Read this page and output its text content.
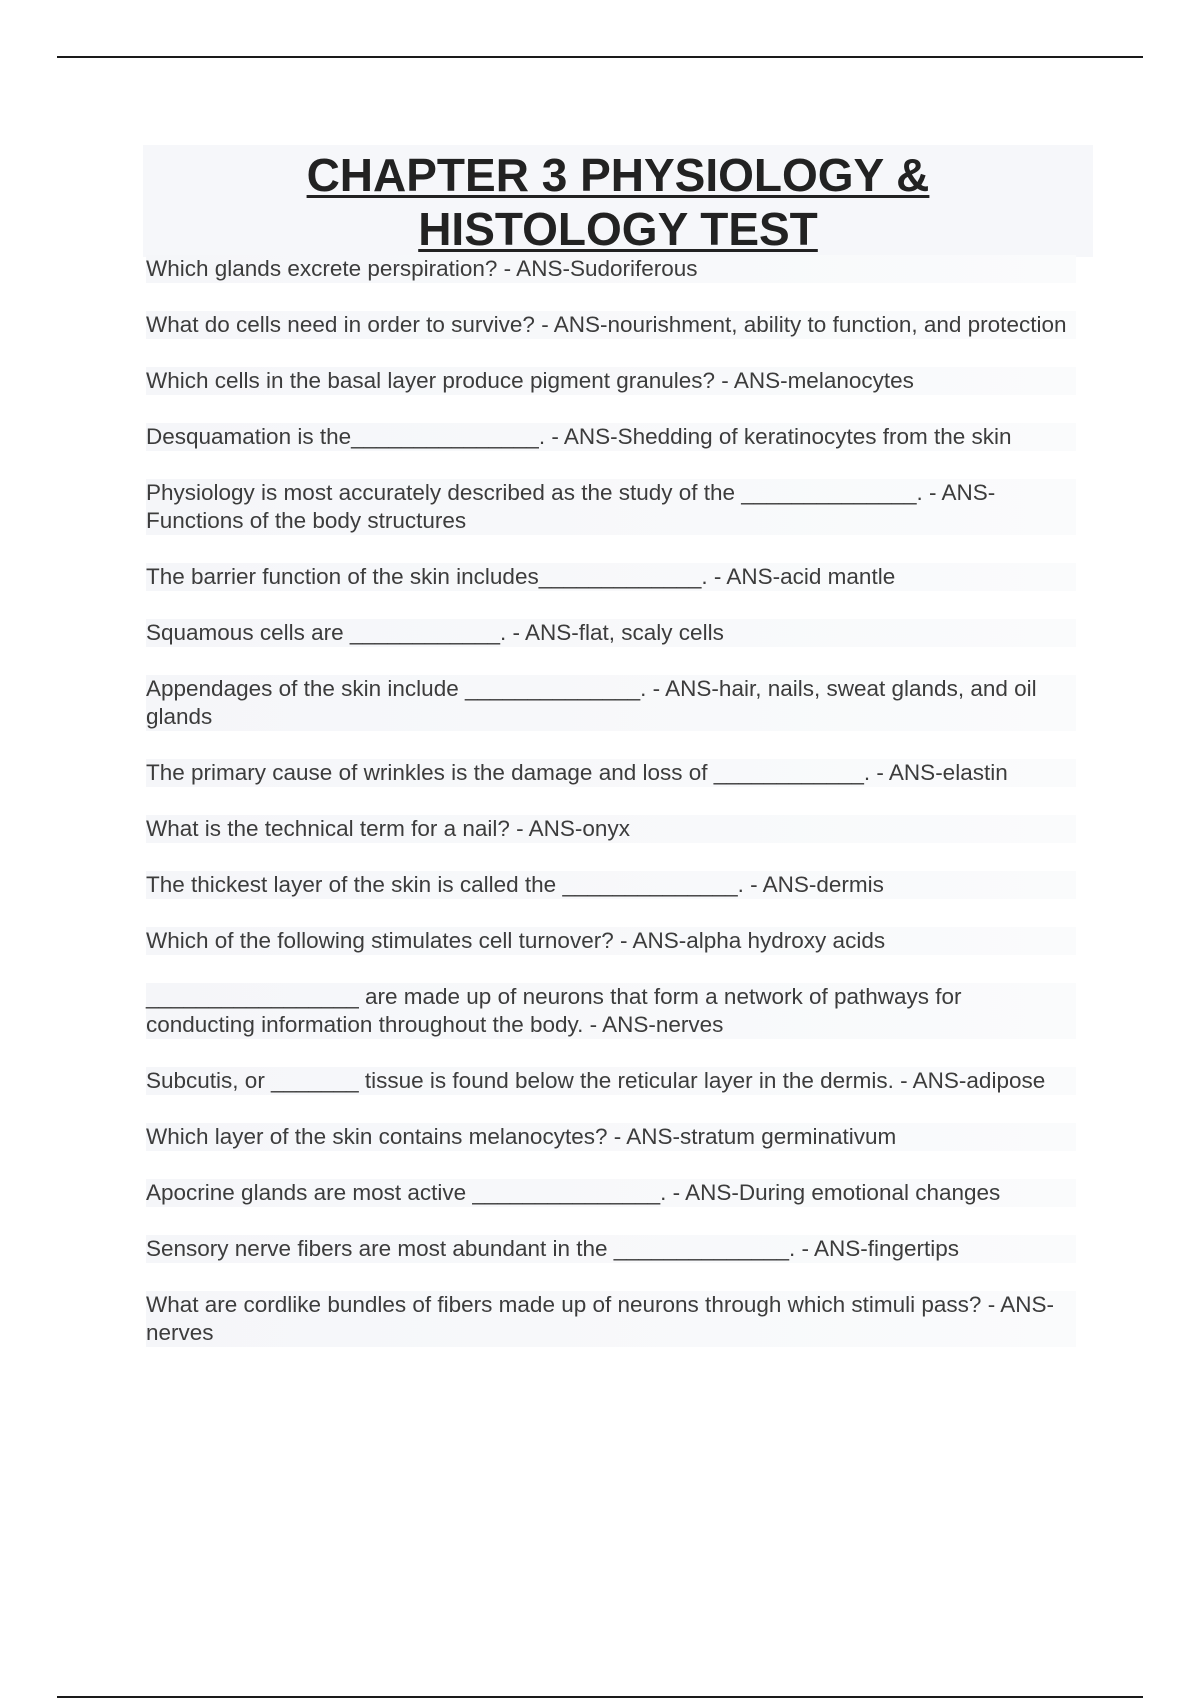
CHAPTER 3 PHYSIOLOGY &
HISTOLOGY TEST

Which glands excrete perspiration? - ANS-Sudoriferous

What do cells need in order to survive? - ANS-nourishment, ability to function, and protection

Which cells in the basal layer produce pigment granules? - ANS-melanocytes

Desquamation is the_______________. - ANS-Shedding of keratinocytes from the skin

Physiology is most accurately described as the study of the ______________. - ANS-Functions of the body structures

The barrier function of the skin includes_____________. - ANS-acid mantle

Squamous cells are ____________. - ANS-flat, scaly cells

Appendages of the skin include ______________. - ANS-hair, nails, sweat glands, and oil glands

The primary cause of wrinkles is the damage and loss of ____________. - ANS-elastin

What is the technical term for a nail? - ANS-onyx

The thickest layer of the skin is called the ______________. - ANS-dermis

Which of the following stimulates cell turnover? - ANS-alpha hydroxy acids

_________________ are made up of neurons that form a network of pathways for conducting information throughout the body. - ANS-nerves

Subcutis, or _______ tissue is found below the reticular layer in the dermis. - ANS-adipose

Which layer of the skin contains melanocytes? - ANS-stratum germinativum

Apocrine glands are most active _______________. - ANS-During emotional changes

Sensory nerve fibers are most abundant in the ______________. - ANS-fingertips

What are cordlike bundles of fibers made up of neurons through which stimuli pass? - ANS-nerves
